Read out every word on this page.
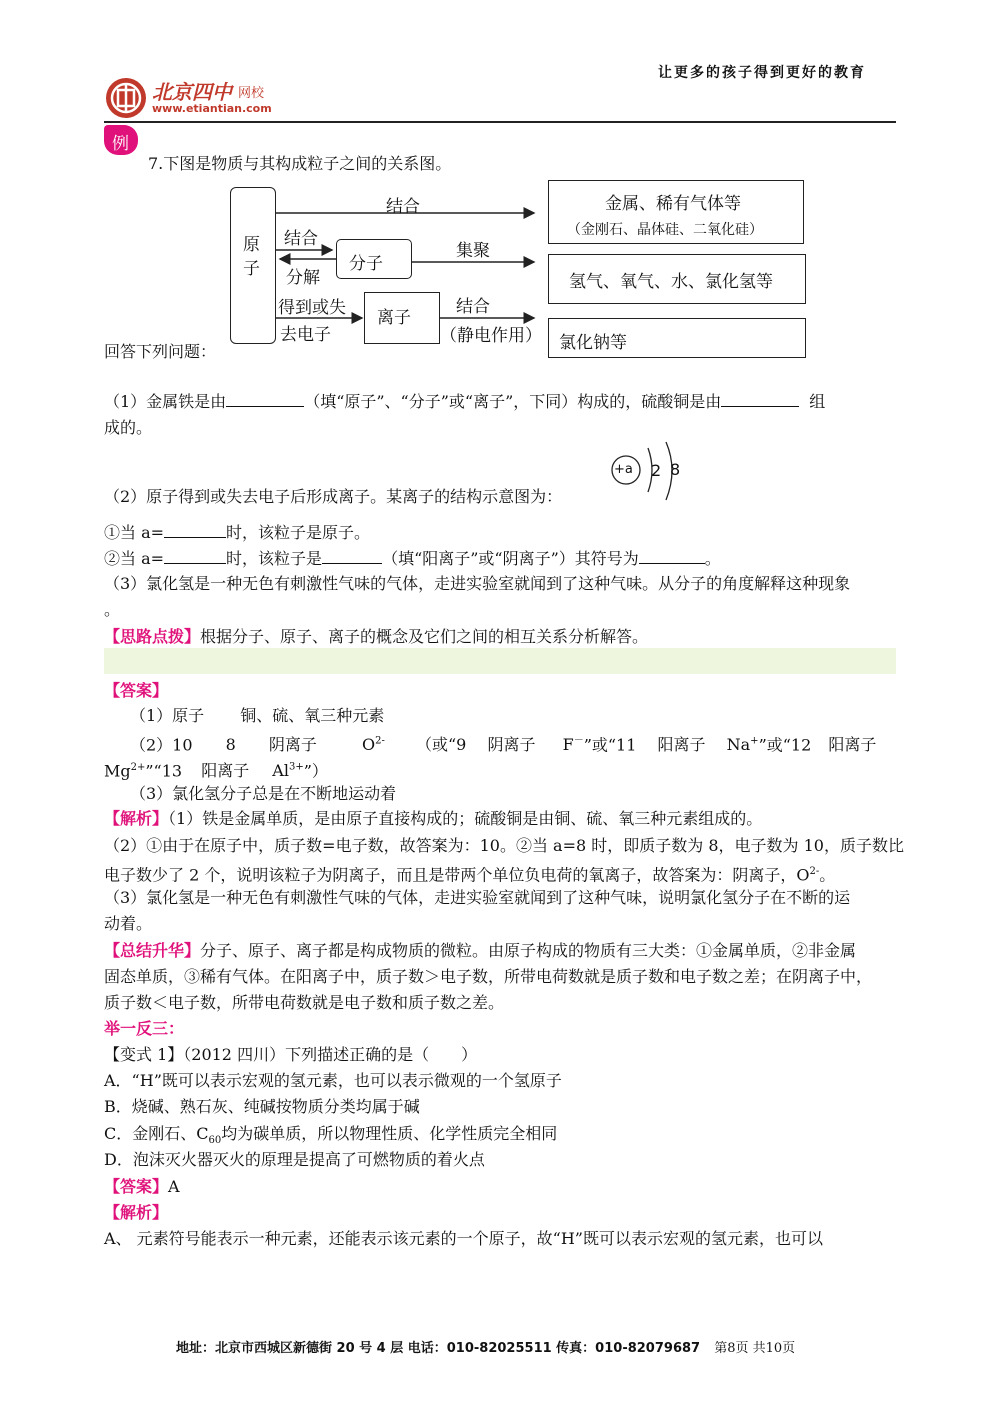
北京四中 网校
www.etiantian.com
让更多的孩子得到更好的教育
例
7.下图是物质与其构成粒子之间的关系图。
原子	分子
离子
结合
结合
分解
集聚
得到或失
去电子
结合
（静电作用）
金属、稀有气体等
（金刚石、晶体硅、二氧化硅）
氢气、氧气、水、氯化氢等
氯化钠等
回答下列问题：
（1）金属铁是由	（填“原子”、“分子”或“离子”，下同）构成的，硫酸铜是由	组
成的。
+a 2 8
（2）原子得到或失去电子后形成离子。某离子的结构示意图为：
①当 a=	时，该粒子是原子。
②当 a=	时，该粒子是	（填“阳离子”或“阴离子”）其符号为	。
（3）氯化氢是一种无色有刺激性气味的气体，走进实验室就闻到了这种气味。从分子的角度解释这种现象
。
【思路点拨】根据分子、原子、离子的概念及它们之间的相互关系分析解答。
【答案】
（1）原子 铜、硫、氧三种元素
（2）10 8 阴离子	$O^{2-}$ （或“9 阴离子 F－”或“11 阳离子 Na+”或“12 阳离子
$Mg^{2+}”“13$ 阳离子 $Al^{3+}$”）
（3）氯化氢分子总是在不断地运动着
【解析】（1）铁是金属单质，是由原子直接构成的；硫酸铜是由铜、硫、氧三种元素组成的。
（2）①由于在原子中，质子数=电子数，故答案为：10。②当 a=8 时，即质子数为 8，电子数为 10，质子数比
电子数少了 2 个，说明该粒子为阴离子，而且是带两个单位负电荷的氧离子，故答案为：阴离子，$O^{2-}$。
（3）氯化氢是一种无色有刺激性气味的气体，走进实验室就闻到了这种气味，说明氯化氢分子在不断的运
动着。
【总结升华】分子、原子、离子都是构成物质的微粒。由原子构成的物质有三大类：①金属单质，②非金属
固态单质，③稀有气体。在阳离子中，质子数＞电子数，所带电荷数就是质子数和电子数之差；在阴离子中，
质子数＜电子数，所带电荷数就是电子数和质子数之差。
举一反三：
【变式 1】（2012 四川）下列描述正确的是（　　）
A．“H”既可以表示宏观的氢元素，也可以表示微观的一个氢原子
B．烧碱、熟石灰、纯碱按物质分类均属于碱
C．金刚石、$C_{60}$均为碳单质，所以物理性质、化学性质完全相同
D．泡沫灭火器灭火的原理是提高了可燃物质的着火点
【答案】A
【解析】
A、 元素符号能表示一种元素，还能表示该元素的一个原子，故“H”既可以表示宏观的氢元素，也可以
地址：北京市西城区新德街 20 号 4 层 电话：010-82025511 传真：010-82079687 第8页 共10页
